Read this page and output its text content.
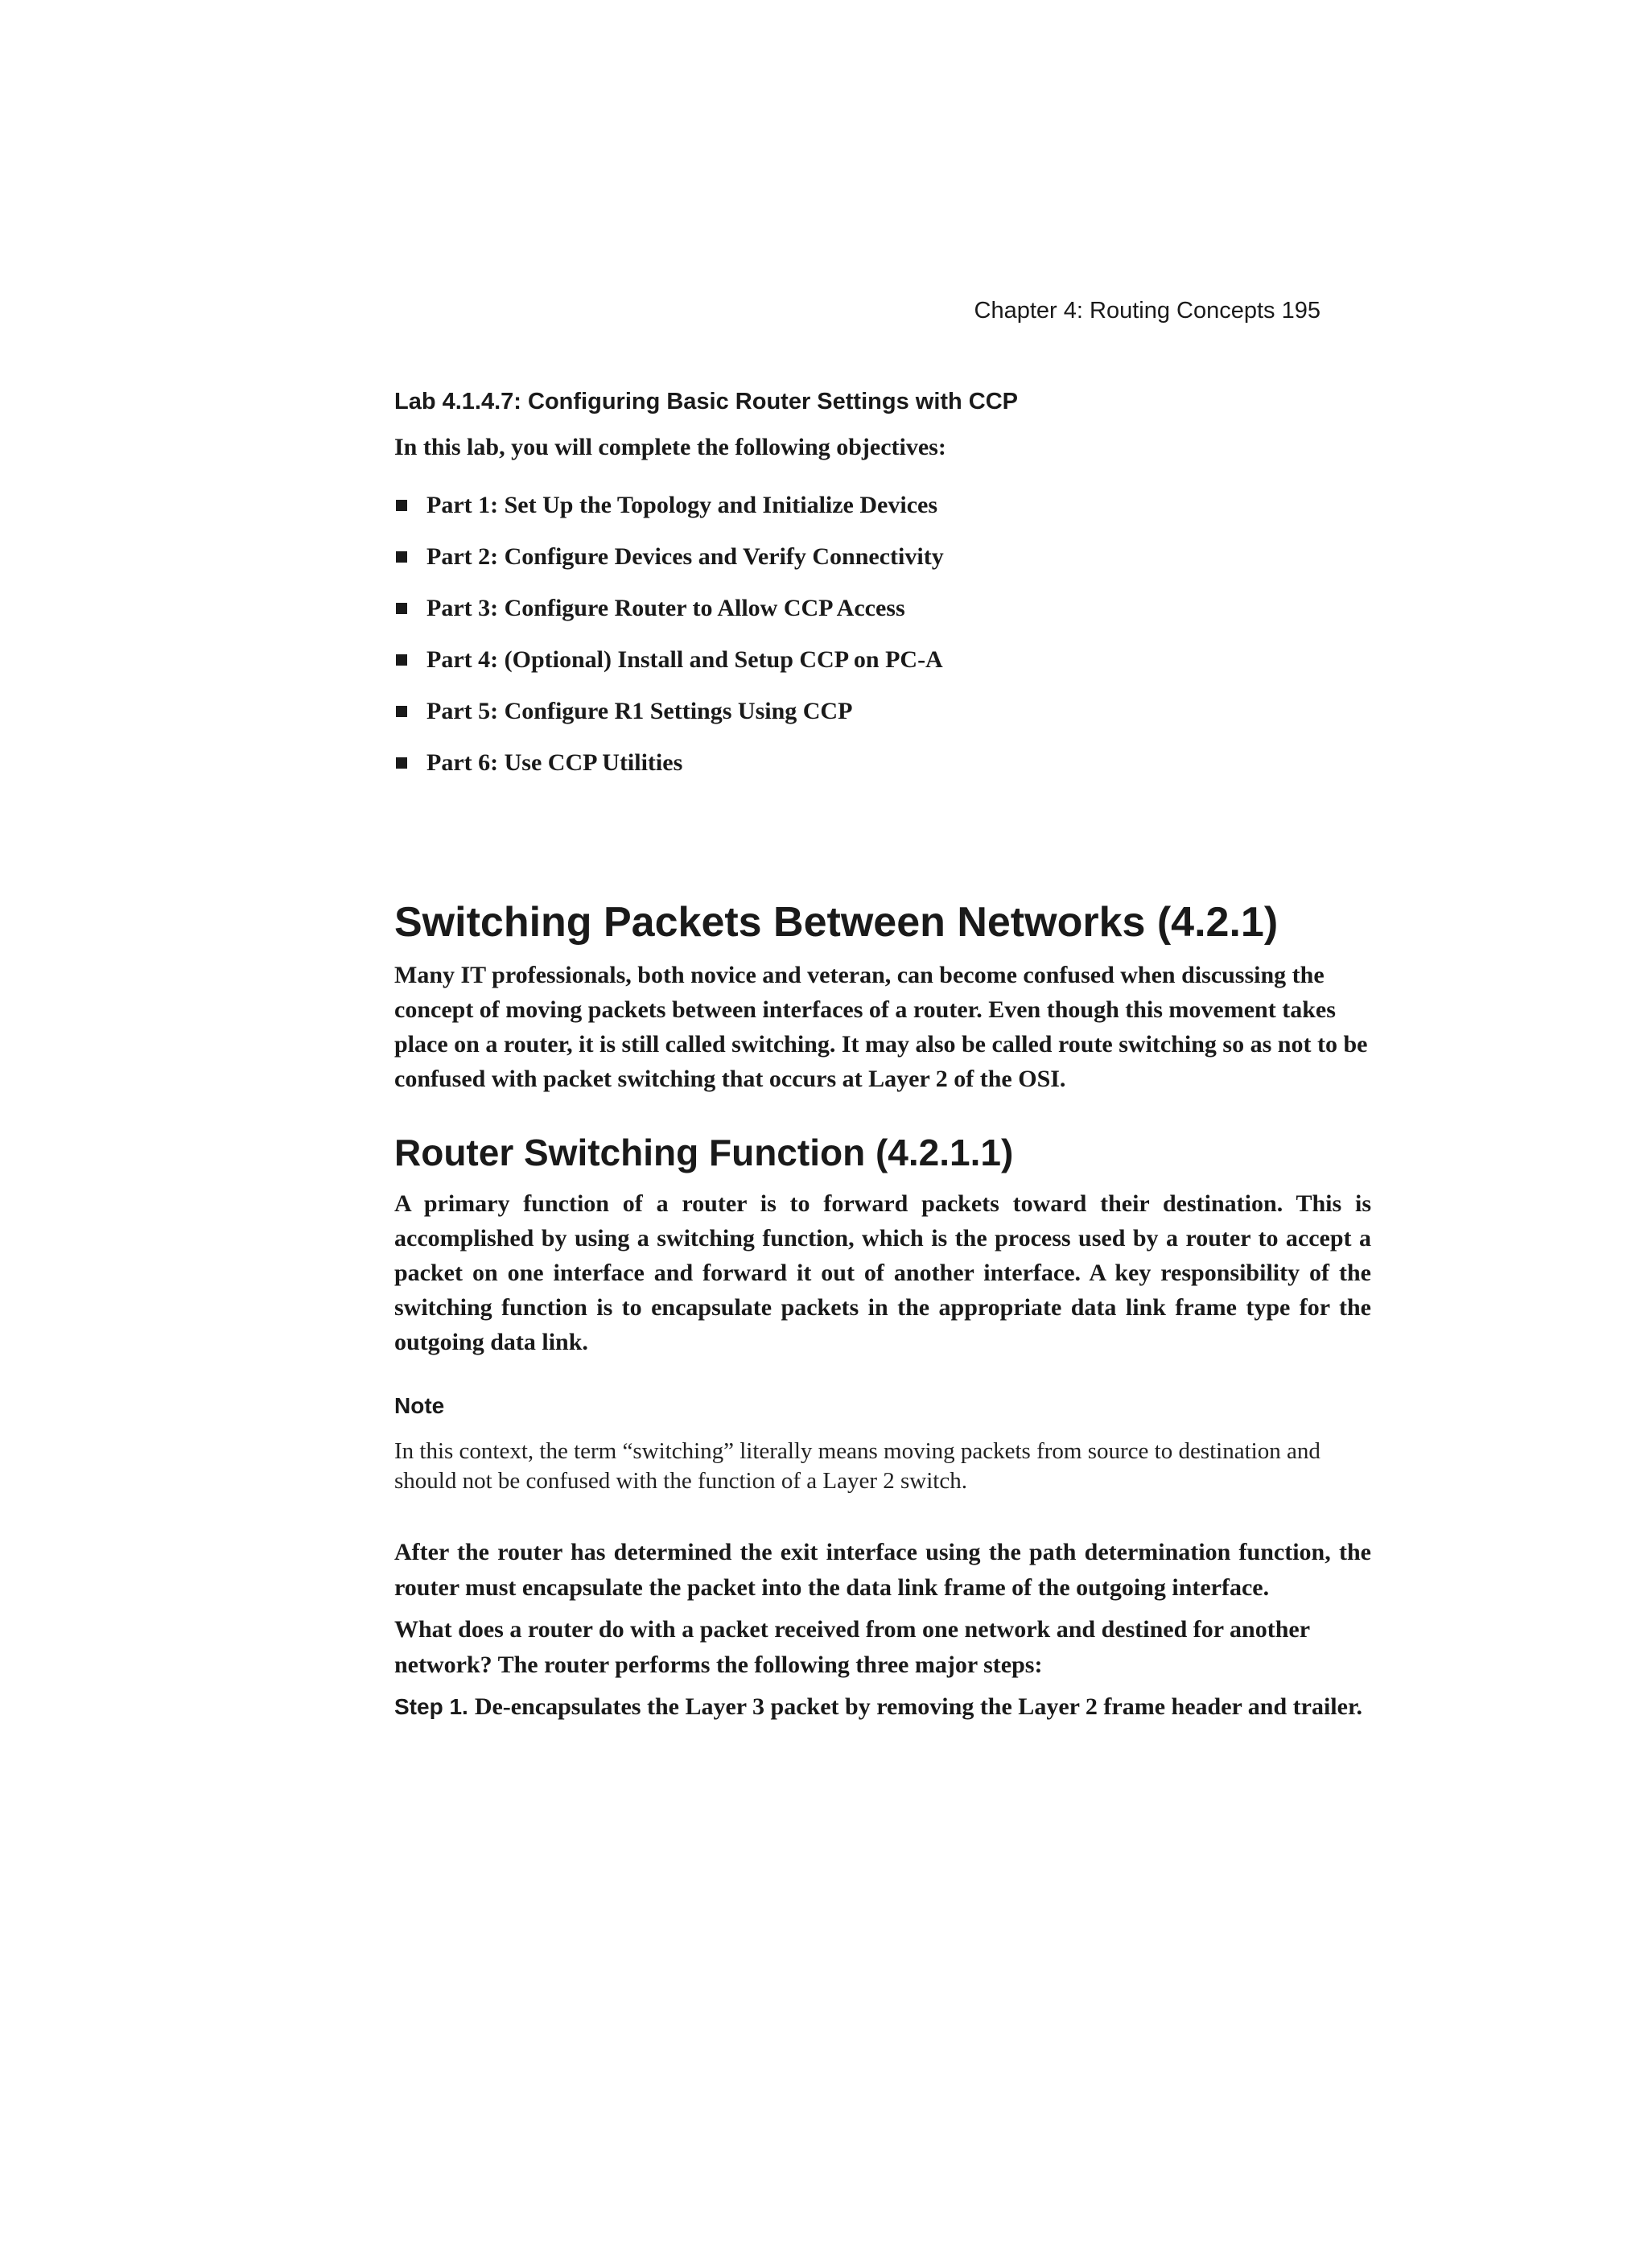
Chapter 4: Routing Concepts 195
Lab 4.1.4.7: Configuring Basic Router Settings with CCP
In this lab, you will complete the following objectives:
Part 1: Set Up the Topology and Initialize Devices
Part 2: Configure Devices and Verify Connectivity
Part 3: Configure Router to Allow CCP Access
Part 4: (Optional) Install and Setup CCP on PC-A
Part 5: Configure R1 Settings Using CCP
Part 6: Use CCP Utilities
Switching Packets Between Networks (4.2.1)

Many IT professionals, both novice and veteran, can become confused when discussing the concept of moving packets between interfaces of a router. Even though this movement takes place on a router, it is still called switching. It may also be called route switching so as not to be confused with packet switching that occurs at Layer 2 of the OSI.

Router Switching Function (4.2.1.1)

A primary function of a router is to forward packets toward their destination. This is accomplished by using a switching function, which is the process used by a router to accept a packet on one interface and forward it out of another interface. A key responsibility of the switching function is to encapsulate packets in the appropriate data link frame type for the outgoing data link.

Note

In this context, the term “switching” literally means moving packets from source to destination and should not be confused with the function of a Layer 2 switch.

After the router has determined the exit interface using the path determination function, the router must encapsulate the packet into the data link frame of the outgoing interface.

What does a router do with a packet received from one network and destined for another network? The router performs the following three major steps:

Step 1. De-encapsulates the Layer 3 packet by removing the Layer 2 frame header and trailer.
